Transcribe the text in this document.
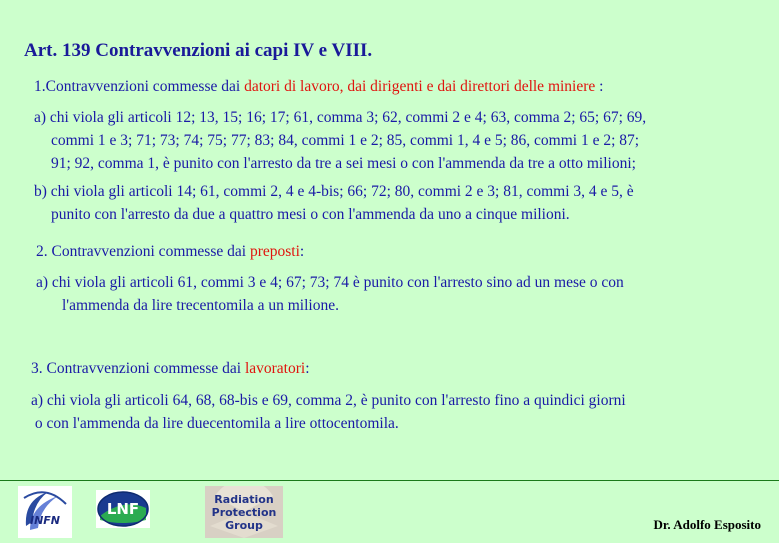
Art. 139 Contravvenzioni ai capi IV e VIII.
1.Contravvenzioni commesse dai datori di lavoro, dai dirigenti e dai direttori delle miniere :
a) chi viola gli articoli 12; 13, 15; 16; 17; 61, comma 3; 62, commi 2 e 4; 63, comma 2; 65; 67; 69,
commi 1 e 3; 71; 73; 74; 75; 77; 83; 84, commi 1 e 2; 85, commi 1, 4 e 5; 86, commi 1 e 2; 87;
91; 92, comma 1, è punito con l'arresto da tre a sei mesi o con l'ammenda da tre a otto milioni;
b) chi viola gli articoli 14; 61, commi 2, 4 e 4-bis; 66; 72; 80, commi 2 e 3; 81, commi 3, 4 e 5, è
punito con l'arresto da due a quattro mesi o con l'ammenda da uno a cinque milioni.
2. Contravvenzioni commesse dai preposti:
a) chi viola gli articoli 61, commi 3 e 4; 67; 73; 74 è punito con l'arresto sino ad un mese o con
l'ammenda da lire trecentomila a un milione.
3. Contravvenzioni commesse dai lavoratori:
a) chi viola gli articoli 64, 68, 68-bis e 69, comma 2, è punito con l'arresto fino a quindici giorni
o con l'ammenda da lire duecentomila a lire ottocentomila.
INFN
LNF
Radiation
Protection
Group	Dr. Adolfo Esposito
